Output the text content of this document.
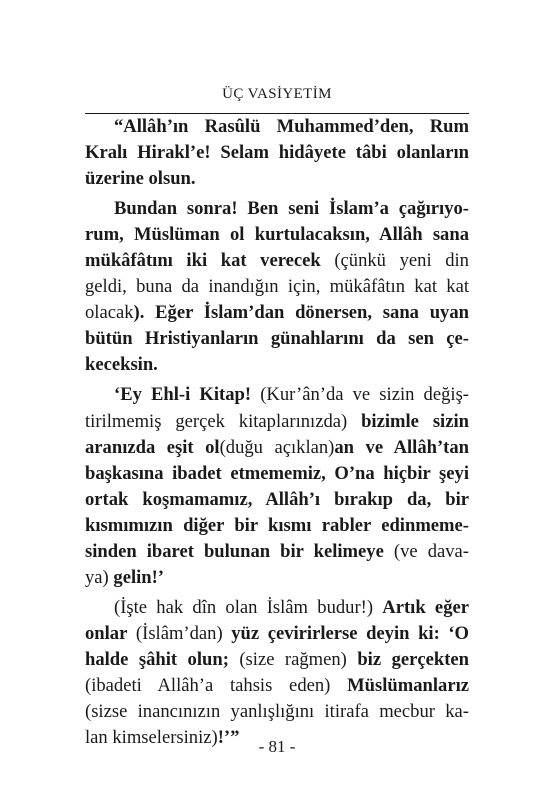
ÜÇ VASİYETİM
“Allâh’ın Rasûlü Muhammed’den, Rum
Kralı Hirakl’e! Selam hidâyete tâbi olanların
üzerine olsun.
Bundan sonra! Ben seni İslam’a çağırıyo-
rum, Müslüman ol kurtulacaksın, Allâh sana
mükâfâtını iki kat verecek (çünkü yeni din
geldi, buna da inandığın için, mükâfâtın kat kat
olacak). Eğer İslam’dan dönersen, sana uyan
bütün Hristiyanların günahlarını da sen çe-
keceksin.
‘Ey Ehl-i Kitap! (Kur’ân’da ve sizin değiş-
tirilmemiş gerçek kitaplarınızda) bizimle sizin
aranızda eşit ol(duğu açıklan)an ve Allâh’tan
başkasına ibadet etmememiz, O’na hiçbir şeyi
ortak koşmamamız, Allâh’ı bırakıp da, bir
kısmımızın diğer bir kısmı rabler edinmeme-
sinden ibaret bulunan bir kelimeye (ve dava-
ya) gelin!’
(İşte hak dîn olan İslâm budur!) Artık eğer
onlar (İslâm’dan) yüz çevirirlerse deyin ki: ‘O
halde şâhit olun; (size rağmen) biz gerçekten
(ibadeti Allâh’a tahsis eden) Müslümanlarız
(sizse inancınızın yanlışlığını itirafa mecbur ka-
lan kimselersiniz)!’”	- 81 -
